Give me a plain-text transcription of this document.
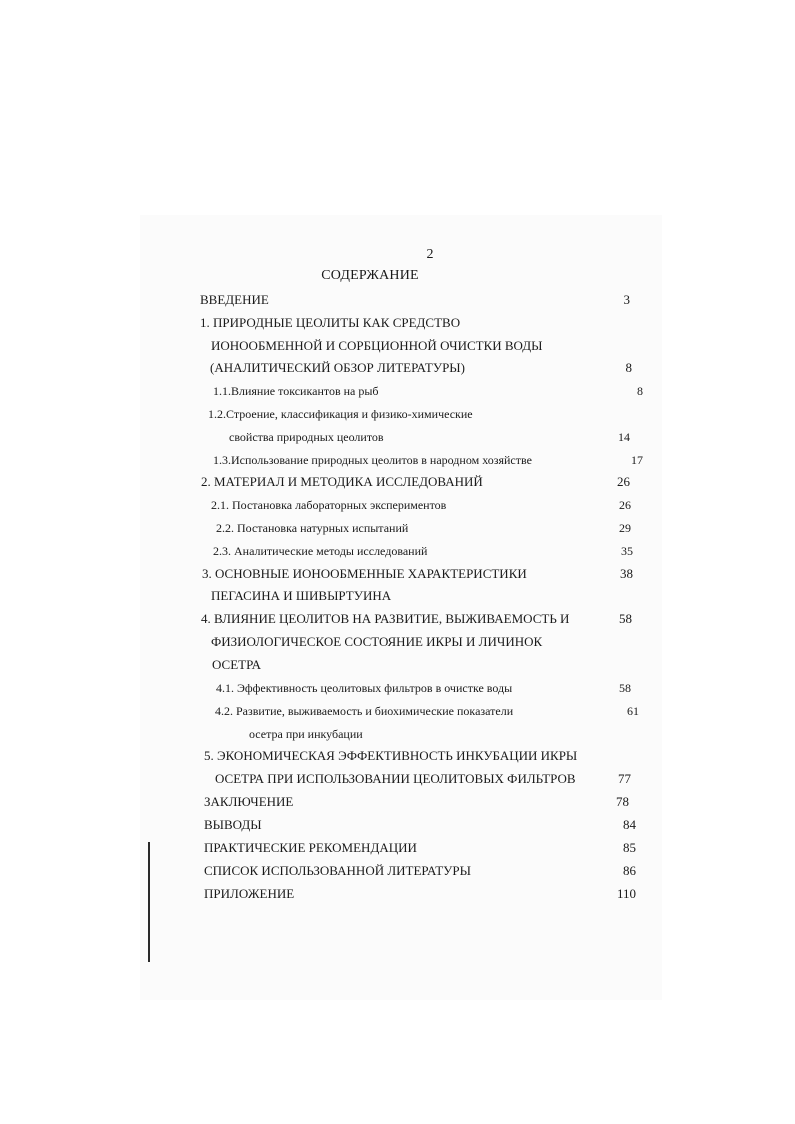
2
СОДЕРЖАНИЕ
ВВЕДЕНИЕ	3
1. ПРИРОДНЫЕ ЦЕОЛИТЫ КАК СРЕДСТВО
ИОНООБМЕННОЙ И СОРБЦИОННОЙ ОЧИСТКИ ВОДЫ
(АНАЛИТИЧЕСКИЙ ОБЗОР ЛИТЕРАТУРЫ)	8
1.1.Влияние токсикантов на рыб	8
1.2.Строение, классификация и физико-химические
свойства природных цеолитов	14
1.3.Использование природных цеолитов в народном хозяйстве	17
2. МАТЕРИАЛ И МЕТОДИКА ИССЛЕДОВАНИЙ	26
2.1. Постановка лабораторных экспериментов	26
2.2. Постановка натурных испытаний	29
2.3. Аналитические методы исследований	35
3. ОСНОВНЫЕ ИОНООБМЕННЫЕ ХАРАКТЕРИСТИКИ	38
ПЕГАСИНА И ШИВЫРТУИНА
4. ВЛИЯНИЕ ЦЕОЛИТОВ НА РАЗВИТИЕ, ВЫЖИВАЕМОСТЬ И	58
ФИЗИОЛОГИЧЕСКОЕ СОСТОЯНИЕ ИКРЫ И ЛИЧИНОК
ОСЕТРА
4.1. Эффективность цеолитовых фильтров в очистке воды	58
4.2. Развитие, выживаемость и биохимические показатели	61
осетра при инкубации
5. ЭКОНОМИЧЕСКАЯ ЭФФЕКТИВНОСТЬ ИНКУБАЦИИ ИКРЫ
ОСЕТРА ПРИ ИСПОЛЬЗОВАНИИ ЦЕОЛИТОВЫХ ФИЛЬТРОВ	77
ЗАКЛЮЧЕНИЕ	78
ВЫВОДЫ	84
ПРАКТИЧЕСКИЕ РЕКОМЕНДАЦИИ	85
СПИСОК ИСПОЛЬЗОВАННОЙ ЛИТЕРАТУРЫ	86
ПРИЛОЖЕНИЕ	110
